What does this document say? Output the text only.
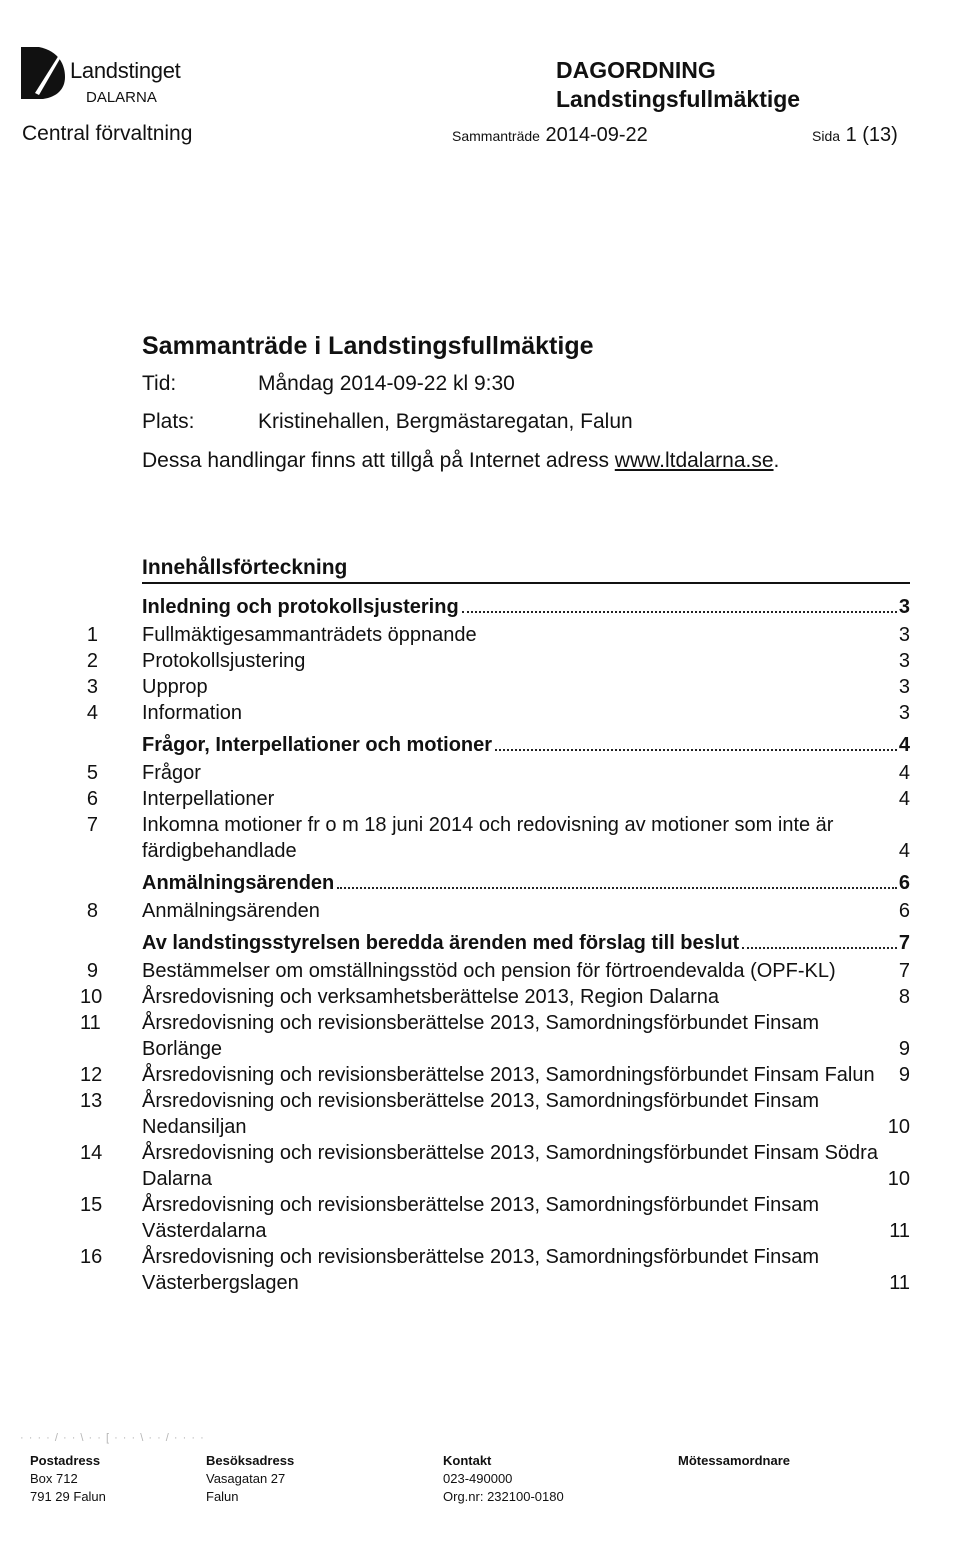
Landstinget
DALARNA
Central förvaltning
DAGORDNING
Landstingsfullmäktige
Sammanträde 2014-09-22	Sida 1 (13)
Sammanträde i Landstingsfullmäktige
Tid:	Måndag 2014-09-22 kl 9:30
Plats:	Kristinehallen, Bergmästaregatan, Falun
Dessa handlingar finns att tillgå på Internet adress www.ltdalarna.se.
Innehållsförteckning
Inledning och protokollsjustering	3
1	Fullmäktigesammanträdets öppnande	3
2	Protokollsjustering	3
3	Upprop	3
4	Information	3
Frågor, Interpellationer och motioner	4
5	Frågor	4
6	Interpellationer	4
7	Inkomna motioner fr o m 18 juni 2014 och redovisning av motioner som inte är färdigbehandlade	4
Anmälningsärenden	6
8	Anmälningsärenden	6
Av landstingsstyrelsen beredda ärenden med förslag till beslut	7
9	Bestämmelser om omställningsstöd och pension för förtroendevalda (OPF-KL)	7
10	Årsredovisning och verksamhetsberättelse 2013, Region Dalarna	8
11	Årsredovisning och revisionsberättelse 2013, Samordningsförbundet Finsam Borlänge	9
12	Årsredovisning och revisionsberättelse 2013, Samordningsförbundet Finsam Falun	9
13	Årsredovisning och revisionsberättelse 2013, Samordningsförbundet Finsam Nedansiljan	10
14	Årsredovisning och revisionsberättelse 2013, Samordningsförbundet Finsam Södra Dalarna	10
15	Årsredovisning och revisionsberättelse 2013, Samordningsförbundet Finsam Västerdalarna	11
16	Årsredovisning och revisionsberättelse 2013, Samordningsförbundet Finsam Västerbergslagen	11
· · · · / · · \ · · [ · · · \ · · / · · · ·
Postadress
Box 712
791 29 Falun
Besöksadress
Vasagatan 27
Falun
Kontakt
023-490000
Org.nr: 232100-0180
Mötessamordnare
